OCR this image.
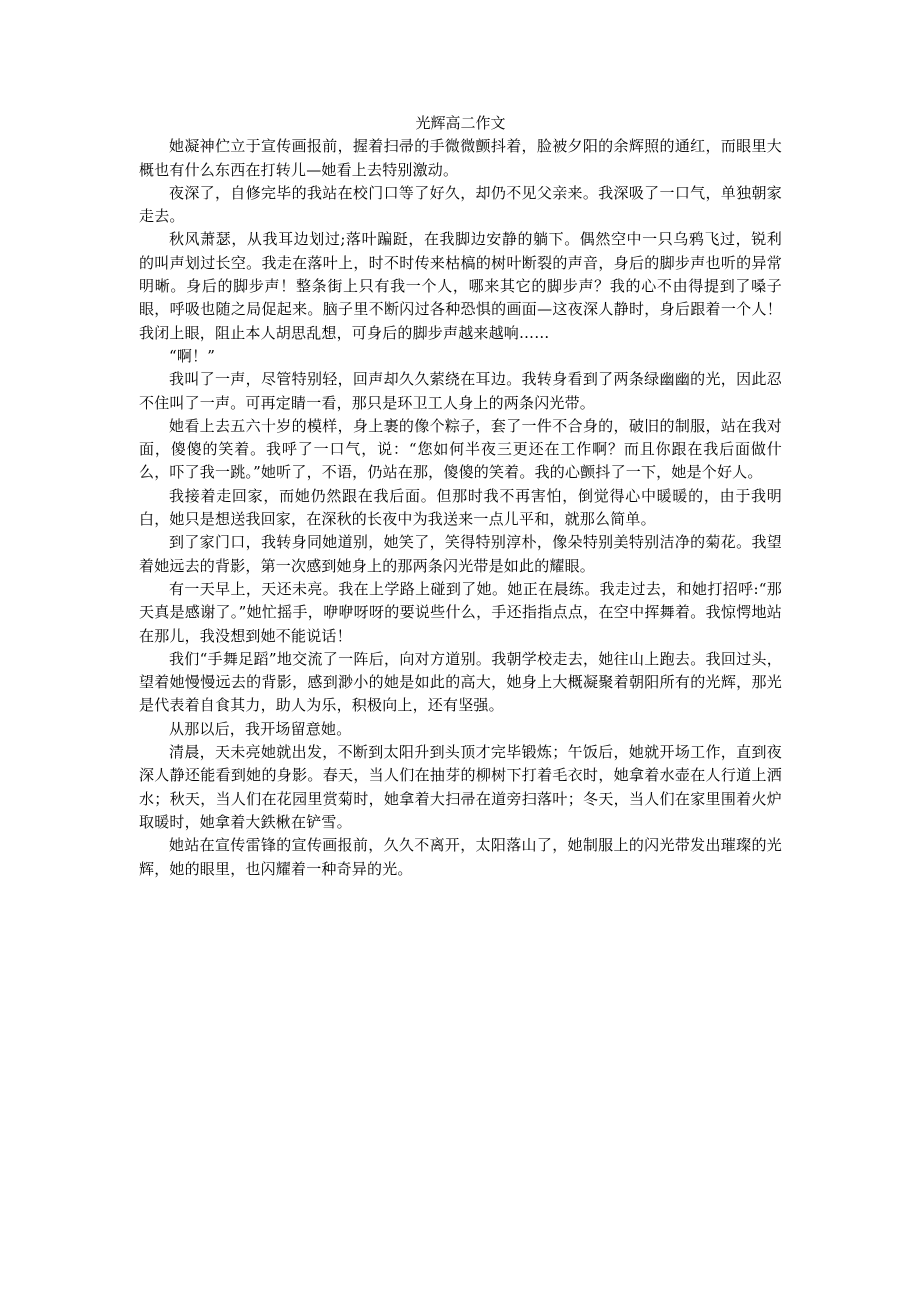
光辉高二作文

她凝神伫立于宣传画报前，握着扫帚的手微微颤抖着，脸被夕阳的余辉照的通红，而眼里大概也有什么东西在打转儿—她看上去特别激动。

夜深了，自修完毕的我站在校门口等了好久，却仍不见父亲来。我深吸了一口气，单独朝家走去。

秋风萧瑟，从我耳边划过;落叶蹁跹，在我脚边安静的躺下。偶然空中一只乌鸦飞过，锐利的叫声划过长空。我走在落叶上，时不时传来枯槁的树叶断裂的声音，身后的脚步声也听的异常明晰。身后的脚步声！整条街上只有我一个人，哪来其它的脚步声？我的心不由得提到了嗓子眼，呼吸也随之局促起来。脑子里不断闪过各种恐惧的画面—这夜深人静时，身后跟着一个人！我闭上眼，阻止本人胡思乱想，可身后的脚步声越来越响……

“啊！”

我叫了一声，尽管特别轻，回声却久久萦绕在耳边。我转身看到了两条绿幽幽的光，因此忍不住叫了一声。可再定睛一看，那只是环卫工人身上的两条闪光带。

她看上去五六十岁的模样，身上裹的像个粽子，套了一件不合身的，破旧的制服，站在我对面，傻傻的笑着。我呼了一口气，说：“您如何半夜三更还在工作啊？而且你跟在我后面做什么，吓了我一跳。”她听了，不语，仍站在那，傻傻的笑着。我的心颤抖了一下，她是个好人。

我接着走回家，而她仍然跟在我后面。但那时我不再害怕，倒觉得心中暖暖的，由于我明白，她只是想送我回家，在深秋的长夜中为我送来一点儿平和，就那么简单。

到了家门口，我转身同她道别，她笑了，笑得特别淳朴，像朵特别美特别洁净的菊花。我望着她远去的背影，第一次感到她身上的那两条闪光带是如此的耀眼。

有一天早上，天还未亮。我在上学路上碰到了她。她正在晨练。我走过去，和她打招呼:“那天真是感谢了。”她忙摇手，咿咿呀呀的要说些什么，手还指指点点，在空中挥舞着。我惊愕地站在那儿，我没想到她不能说话！

我们“手舞足蹈”地交流了一阵后，向对方道别。我朝学校走去，她往山上跑去。我回过头，望着她慢慢远去的背影，感到渺小的她是如此的高大，她身上大概凝聚着朝阳所有的光辉，那光是代表着自食其力，助人为乐，积极向上，还有坚强。

从那以后，我开场留意她。

清晨，天未亮她就出发，不断到太阳升到头顶才完毕锻炼；午饭后，她就开场工作，直到夜深人静还能看到她的身影。春天，当人们在抽芽的柳树下打着毛衣时，她拿着水壶在人行道上洒水；秋天，当人们在花园里赏菊时，她拿着大扫帚在道旁扫落叶；冬天，当人们在家里围着火炉取暖时，她拿着大鉄楸在铲雪。

她站在宣传雷锋的宣传画报前，久久不离开，太阳落山了，她制服上的闪光带发出璀璨的光辉，她的眼里，也闪耀着一种奇异的光。
